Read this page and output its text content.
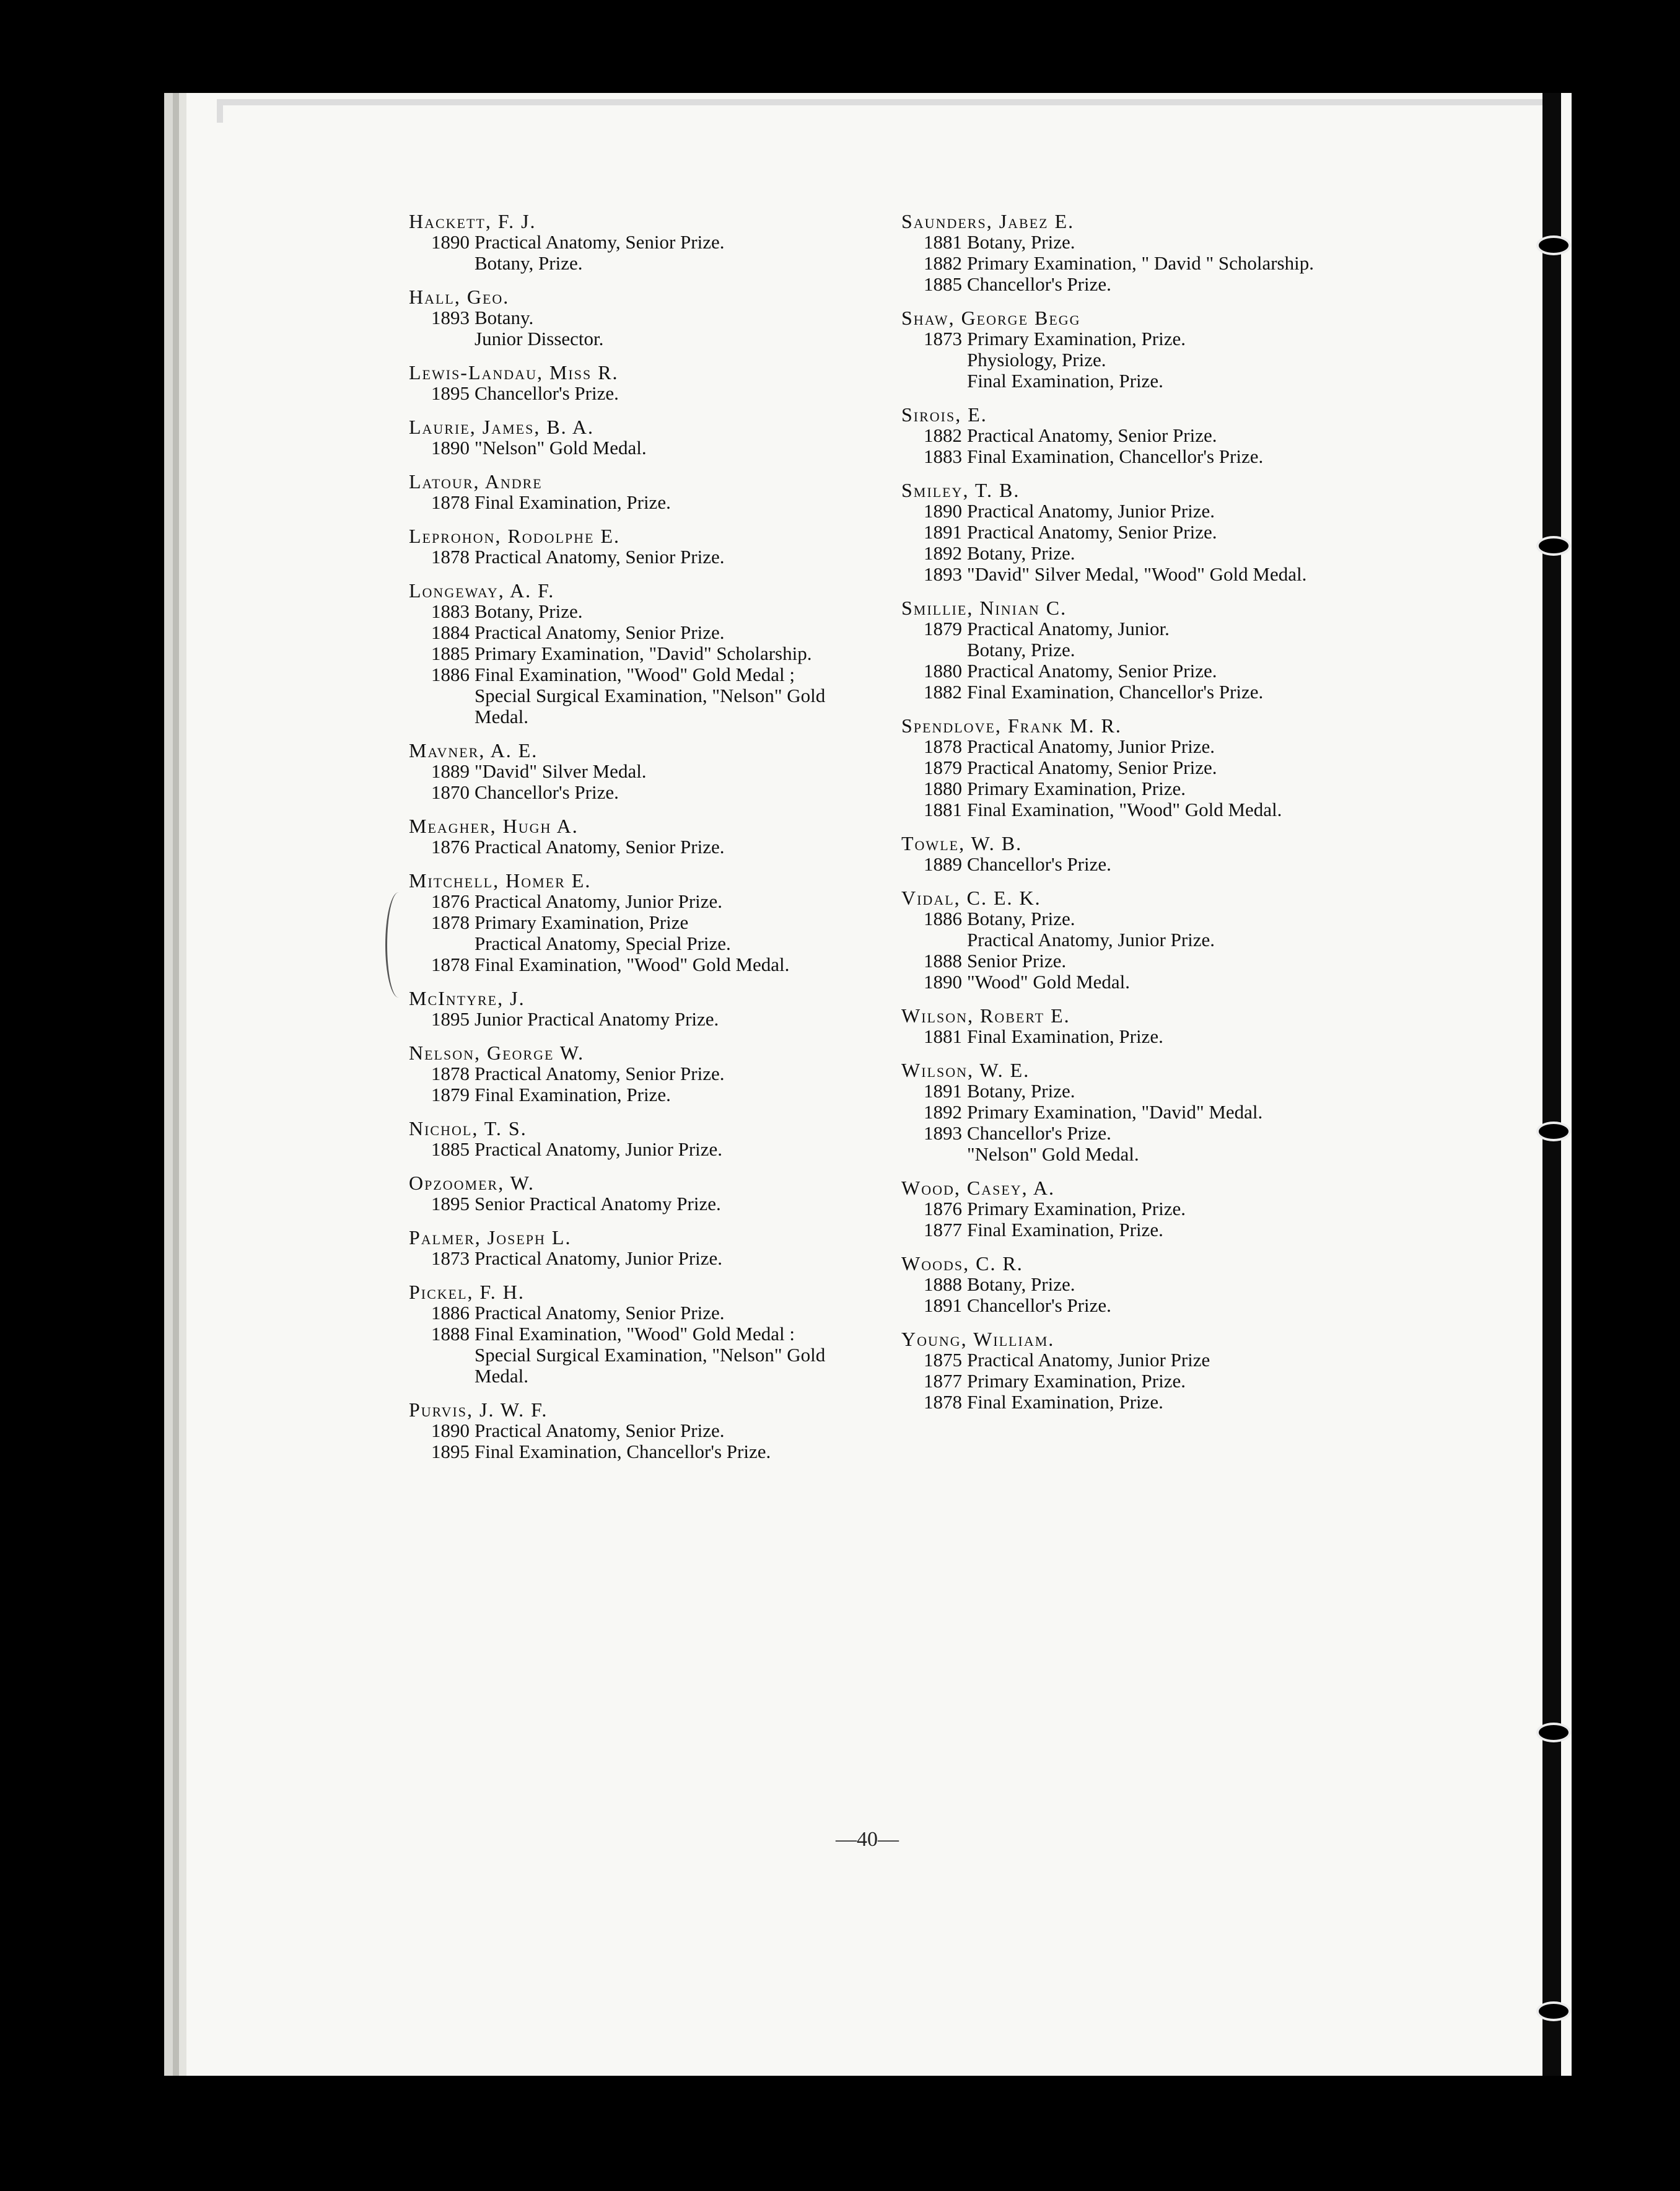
Hackett, F. J.
1890 Practical Anatomy, Senior Prize.
Botany, Prize.
Hall, Geo.
1893 Botany.
Junior Dissector.
Lewis-Landau, Miss R.
1895 Chancellor's Prize.
Laurie, James, B. A.
1890 "Nelson" Gold Medal.
Latour, Andre
1878 Final Examination, Prize.
Leprohon, Rodolphe E.
1878 Practical Anatomy, Senior Prize.
Longeway, A. F.
1883 Botany, Prize.
1884 Practical Anatomy, Senior Prize.
1885 Primary Examination, "David" Scholarship.
1886 Final Examination, "Wood" Gold Medal ; Special Surgical Examination, "Nelson" Gold Medal.
Mavner, A. E.
1889 "David" Silver Medal.
1870 Chancellor's Prize.
Meagher, Hugh A.
1876 Practical Anatomy, Senior Prize.
Mitchell, Homer E.
1876 Practical Anatomy, Junior Prize.
1878 Primary Examination, Prize
Practical Anatomy, Special Prize.
1878 Final Examination, "Wood" Gold Medal.
McIntyre, J.
1895 Junior Practical Anatomy Prize.
Nelson, George W.
1878 Practical Anatomy, Senior Prize.
1879 Final Examination, Prize.
Nichol, T. S.
1885 Practical Anatomy, Junior Prize.
Opzoomer, W.
1895 Senior Practical Anatomy Prize.
Palmer, Joseph L.
1873 Practical Anatomy, Junior Prize.
Pickel, F. H.
1886 Practical Anatomy, Senior Prize.
1888 Final Examination, "Wood" Gold Medal : Special Surgical Examination, "Nelson" Gold Medal.
Purvis, J. W. F.
1890 Practical Anatomy, Senior Prize.
1895 Final Examination, Chancellor's Prize.
Saunders, Jabez E.
1881 Botany, Prize.
1882 Primary Examination, " David " Scholarship.
1885 Chancellor's Prize.
Shaw, George Begg
1873 Primary Examination, Prize.
Physiology, Prize.
Final Examination, Prize.
Sirois, E.
1882 Practical Anatomy, Senior Prize.
1883 Final Examination, Chancellor's Prize.
Smiley, T. B.
1890 Practical Anatomy, Junior Prize.
1891 Practical Anatomy, Senior Prize.
1892 Botany, Prize.
1893 "David" Silver Medal, "Wood" Gold Medal.
Smillie, Ninian C.
1879 Practical Anatomy, Junior.
Botany, Prize.
1880 Practical Anatomy, Senior Prize.
1882 Final Examination, Chancellor's Prize.
Spendlove, Frank M. R.
1878 Practical Anatomy, Junior Prize.
1879 Practical Anatomy, Senior Prize.
1880 Primary Examination, Prize.
1881 Final Examination, "Wood" Gold Medal.
Towle, W. B.
1889 Chancellor's Prize.
Vidal, C. E. K.
1886 Botany, Prize.
Practical Anatomy, Junior Prize.
1888 Senior Prize.
1890 "Wood" Gold Medal.
Wilson, Robert E.
1881 Final Examination, Prize.
Wilson, W. E.
1891 Botany, Prize.
1892 Primary Examination, "David" Medal.
1893 Chancellor's Prize.
"Nelson" Gold Medal.
Wood, Casey, A.
1876 Primary Examination, Prize.
1877 Final Examination, Prize.
Woods, C. R.
1888 Botany, Prize.
1891 Chancellor's Prize.
Young, William.
1875 Practical Anatomy, Junior Prize
1877 Primary Examination, Prize.
1878 Final Examination, Prize.
—40—
